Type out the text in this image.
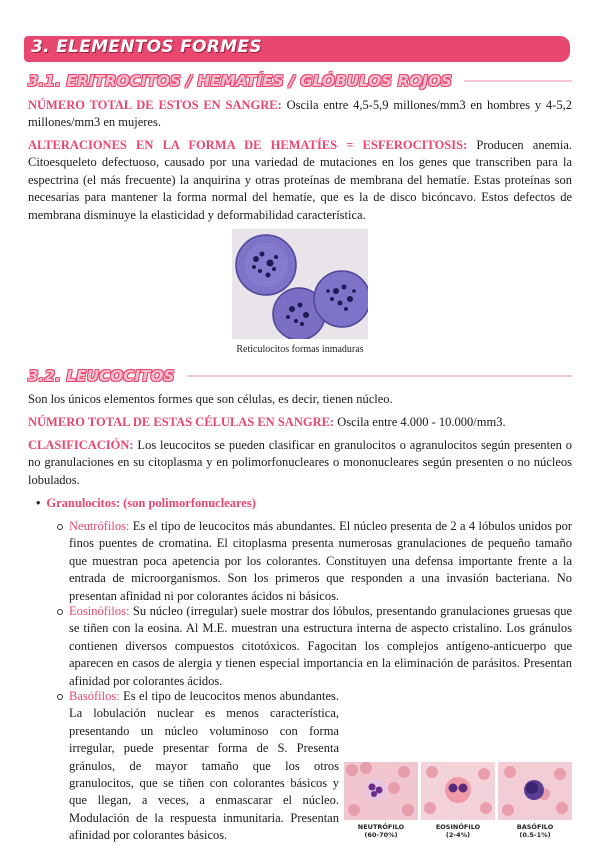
3. ELEMENTOS FORMES
3.1. ERITROCITOS / HEMATÍES / GLÓBULOS ROJOS

NÚMERO TOTAL DE ESTOS EN SANGRE: Oscila entre 4,5-5,9 millones/mm3 en hombres y 4-5,2 millones/mm3 en mujeres.

ALTERACIONES EN LA FORMA DE HEMATÍES = ESFEROCITOSIS: Producen anemia. Citoesqueleto defectuoso, causado por una variedad de mutaciones en los genes que transcriben para la espectrina (el más frecuente) la anquirina y otras proteínas de membrana del hematíe. Estas proteínas son necesarias para mantener la forma normal del hematíe, que es la de disco bicóncavo. Estos defectos de membrana disminuye la elasticidad y deformabilidad característica.

Reticulocitos formas inmaduras
3.2. LEUCOCITOS

Son los únicos elementos formes que son células, es decir, tienen núcleo.

NÚMERO TOTAL DE ESTAS CÉLULAS EN SANGRE: Oscila entre 4.000 - 10.000/mm3.

CLASIFICACIÓN: Los leucocitos se pueden clasificar en granulocitos o agranulocitos según presenten o no granulaciones en su citoplasma y en polimorfonucleares o mononucleares según presenten o no núcleos lobulados.

• Granulocitos: (son polimorfonucleares)

Neutrófilos: Es el tipo de leucocitos más abundantes. El núcleo presenta de 2 a 4 lóbulos unidos por finos puentes de cromatina. El citoplasma presenta numerosas granulaciones de pequeño tamaño que muestran poca apetencia por los colorantes. Constituyen una defensa importante frente a la entrada de microorganismos. Son los primeros que responden a una invasión bacteriana. No presentan afinidad ni por colorantes ácidos ni básicos.

Eosinófilos: Su núcleo (irregular) suele mostrar dos lóbulos, presentando granulaciones gruesas que se tiñen con la eosina. Al M.E. muestran una estructura interna de aspecto cristalino. Los gránulos contienen diversos compuestos citotóxicos. Fagocitan los complejos antígeno-anticuerpo que aparecen en casos de alergia y tienen especial importancia en la eliminación de parásitos. Presentan afinidad por colorantes ácidos.

Basófilos: Es el tipo de leucocitos menos abundantes. La lobulación nuclear es menos característica, presentando un núcleo voluminoso con forma irregular, puede presentar forma de S. Presenta gránulos, de mayor tamaño que los otros granulocitos, que se tiñen con colorantes básicos y que llegan, a veces, a enmascarar el núcleo. Modulación de la respuesta inmunitaria. Presentan afinidad por colorantes básicos.

NEUTRÓFILO
(60-70%)
EOSINÓFILO
(2-4%)
BASÓFILO
(0.5-1%)
